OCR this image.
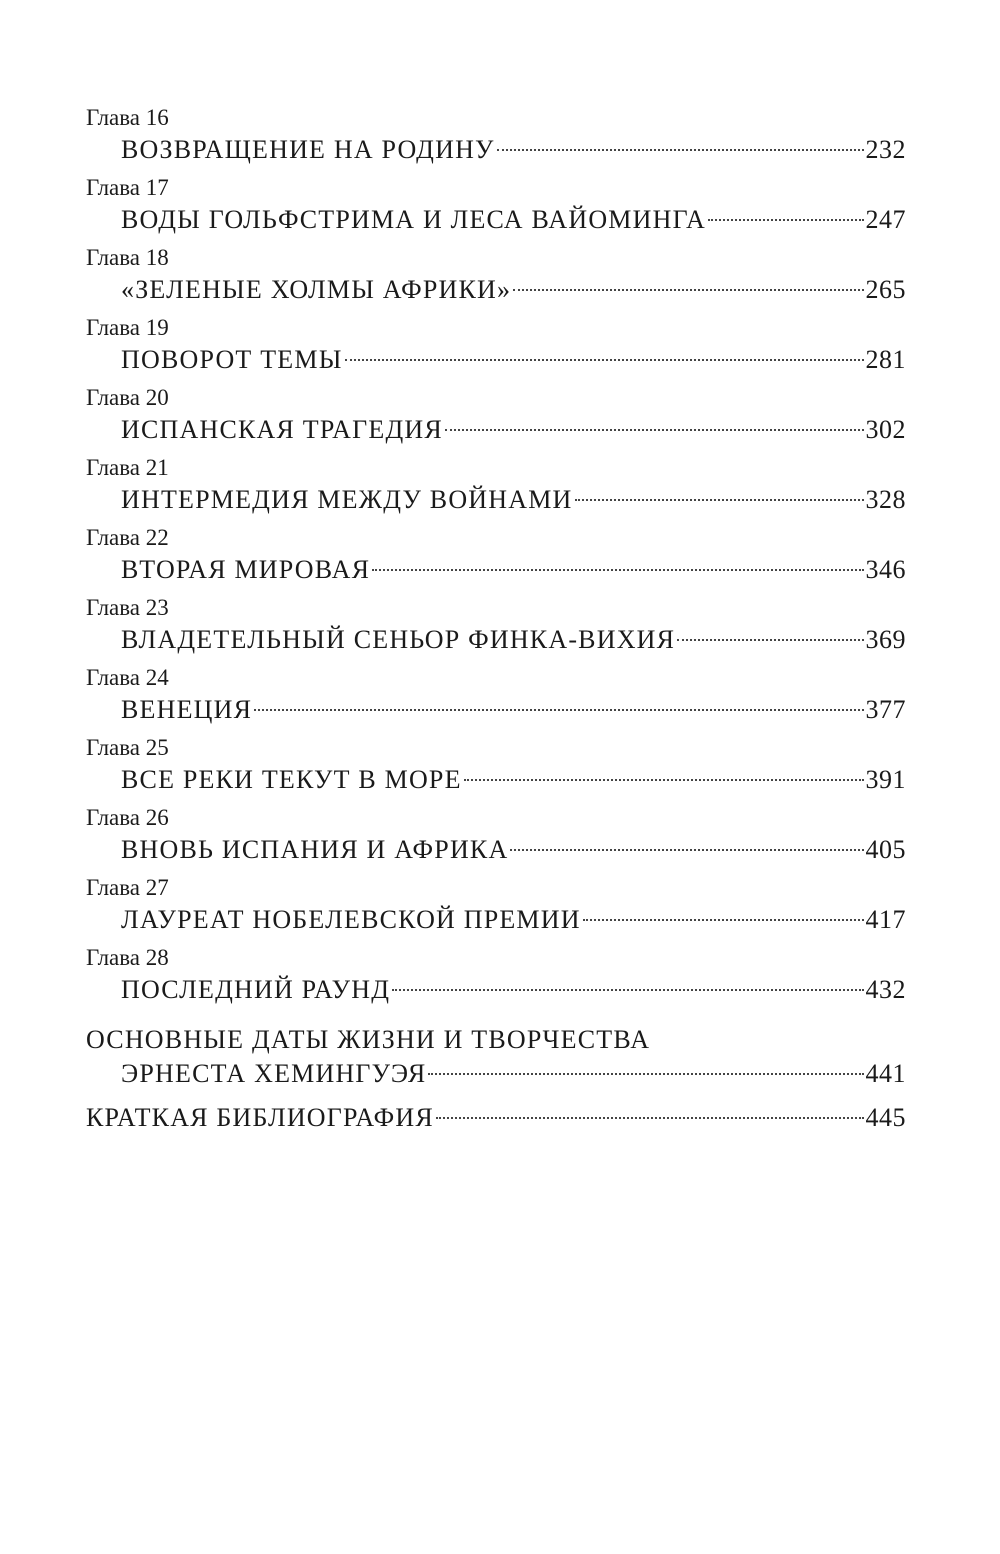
Глава 16
ВОЗВРАЩЕНИЕ НА РОДИНУ	232
Глава 17
ВОДЫ ГОЛЬФСТРИМА И ЛЕСА ВАЙОМИНГА	247
Глава 18
«ЗЕЛЕНЫЕ ХОЛМЫ АФРИКИ»	265
Глава 19
ПОВОРОТ ТЕМЫ	281
Глава 20
ИСПАНСКАЯ ТРАГЕДИЯ	302
Глава 21
ИНТЕРМЕДИЯ МЕЖДУ ВОЙНАМИ	328
Глава 22
ВТОРАЯ МИРОВАЯ	346
Глава 23
ВЛАДЕТЕЛЬНЫЙ СЕНЬОР ФИНКА-ВИХИЯ	369
Глава 24
ВЕНЕЦИЯ	377
Глава 25
ВСЕ РЕКИ ТЕКУТ В МОРЕ	391
Глава 26
ВНОВЬ ИСПАНИЯ И АФРИКА	405
Глава 27
ЛАУРЕАТ НОБЕЛЕВСКОЙ ПРЕМИИ	417
Глава 28
ПОСЛЕДНИЙ РАУНД	432
ОСНОВНЫЕ ДАТЫ ЖИЗНИ И ТВОРЧЕСТВА
ЭРНЕСТА ХЕМИНГУЭЯ	441
КРАТКАЯ БИБЛИОГРАФИЯ	445
